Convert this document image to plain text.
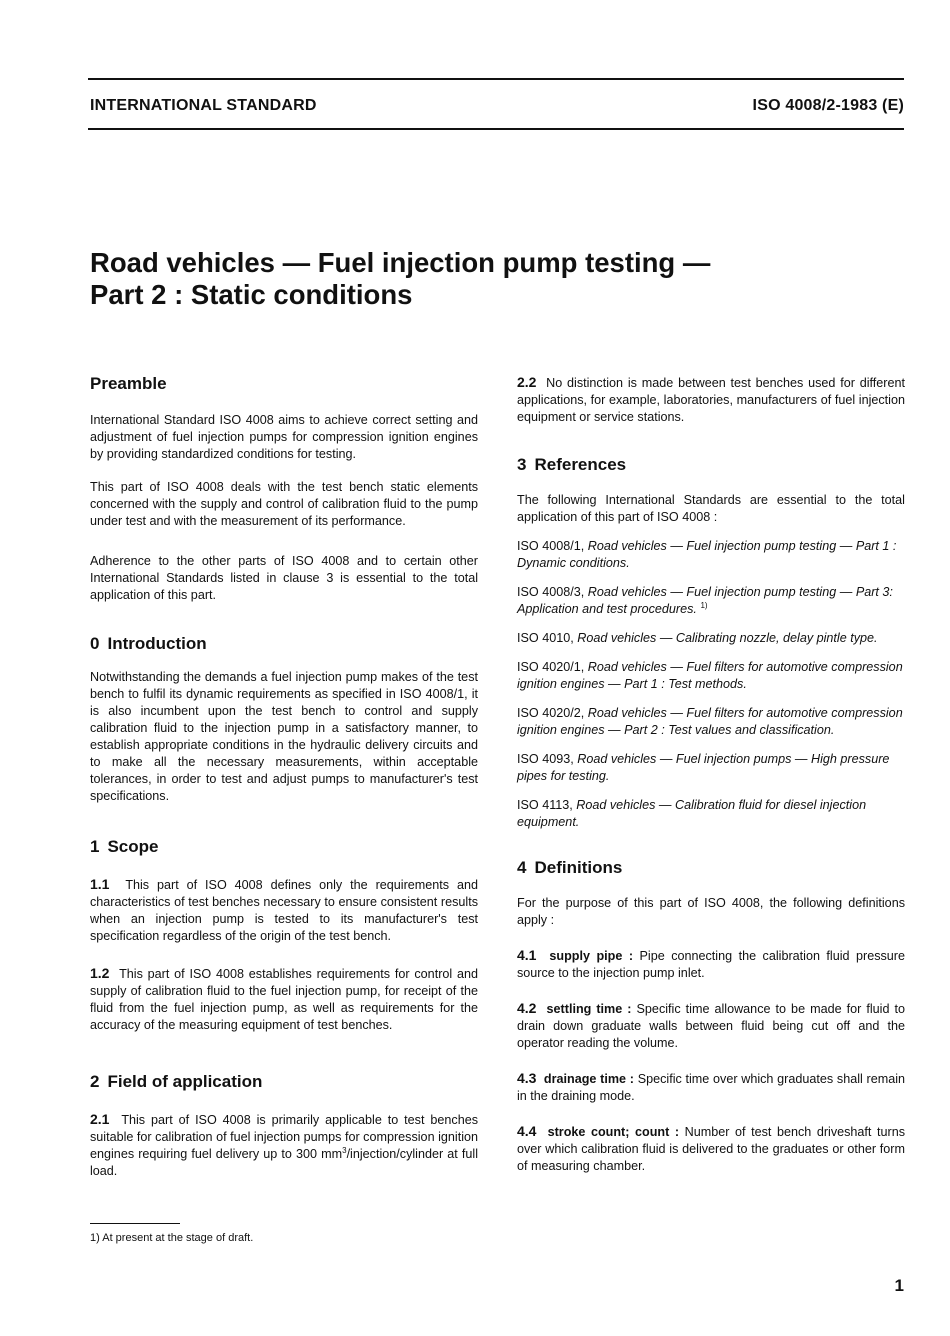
INTERNATIONAL STANDARD	ISO 4008/2-1983 (E)
Road vehicles — Fuel injection pump testing —
Part 2 : Static conditions
Preamble

International Standard ISO 4008 aims to achieve correct setting and adjustment of fuel injection pumps for compression ignition engines by providing standardized conditions for testing.

This part of ISO 4008 deals with the test bench static elements concerned with the supply and control of calibration fluid to the pump under test and with the measurement of its performance.

Adherence to the other parts of ISO 4008 and to certain other International Standards listed in clause 3 is essential to the total application of this part.

0 Introduction

Notwithstanding the demands a fuel injection pump makes of the test bench to fulfil its dynamic requirements as specified in ISO 4008/1, it is also incumbent upon the test bench to control and supply calibration fluid to the injection pump in a satisfactory manner, to establish appropriate conditions in the hydraulic delivery circuits and to make all the necessary measurements, within acceptable tolerances, in order to test and adjust pumps to manufacturer's test specifications.

1 Scope

1.1 This part of ISO 4008 defines only the requirements and characteristics of test benches necessary to ensure consistent results when an injection pump is tested to its manufacturer's test specification regardless of the origin of the test bench.

1.2 This part of ISO 4008 establishes requirements for control and supply of calibration fluid to the fuel injection pump, for receipt of the fluid from the fuel injection pump, as well as requirements for the accuracy of the measuring equipment of test benches.

2 Field of application

2.1 This part of ISO 4008 is primarily applicable to test benches suitable for calibration of fuel injection pumps for compression ignition engines requiring fuel delivery up to 300 $mm^3/injection$/cylinder at full load.

2.2 No distinction is made between test benches used for different applications, for example, laboratories, manufacturers of fuel injection equipment or service stations.

3 References

The following International Standards are essential to the total application of this part of ISO 4008 :

ISO 4008/1, Road vehicles — Fuel injection pump testing — Part 1 : Dynamic conditions.

ISO 4008/3, Road vehicles — Fuel injection pump testing — Part 3: Application and test procedures. $^{1)}$

ISO 4010, Road vehicles — Calibrating nozzle, delay pintle type.

ISO 4020/1, Road vehicles — Fuel filters for automotive compression ignition engines — Part 1 : Test methods.

ISO 4020/2, Road vehicles — Fuel filters for automotive compression ignition engines — Part 2 : Test values and classification.

ISO 4093, Road vehicles — Fuel injection pumps — High pressure pipes for testing.

ISO 4113, Road vehicles — Calibration fluid for diesel injection equipment.

4 Definitions

For the purpose of this part of ISO 4008, the following definitions apply :

4.1 supply pipe : Pipe connecting the calibration fluid pressure source to the injection pump inlet.

4.2 settling time : Specific time allowance to be made for fluid to drain down graduate walls between fluid being cut off and the operator reading the volume.

4.3 drainage time : Specific time over which graduates shall remain in the draining mode.

4.4 stroke count; count : Number of test bench driveshaft turns over which calibration fluid is delivered to the graduates or other form of measuring chamber.

1) At present at the stage of draft.
1
